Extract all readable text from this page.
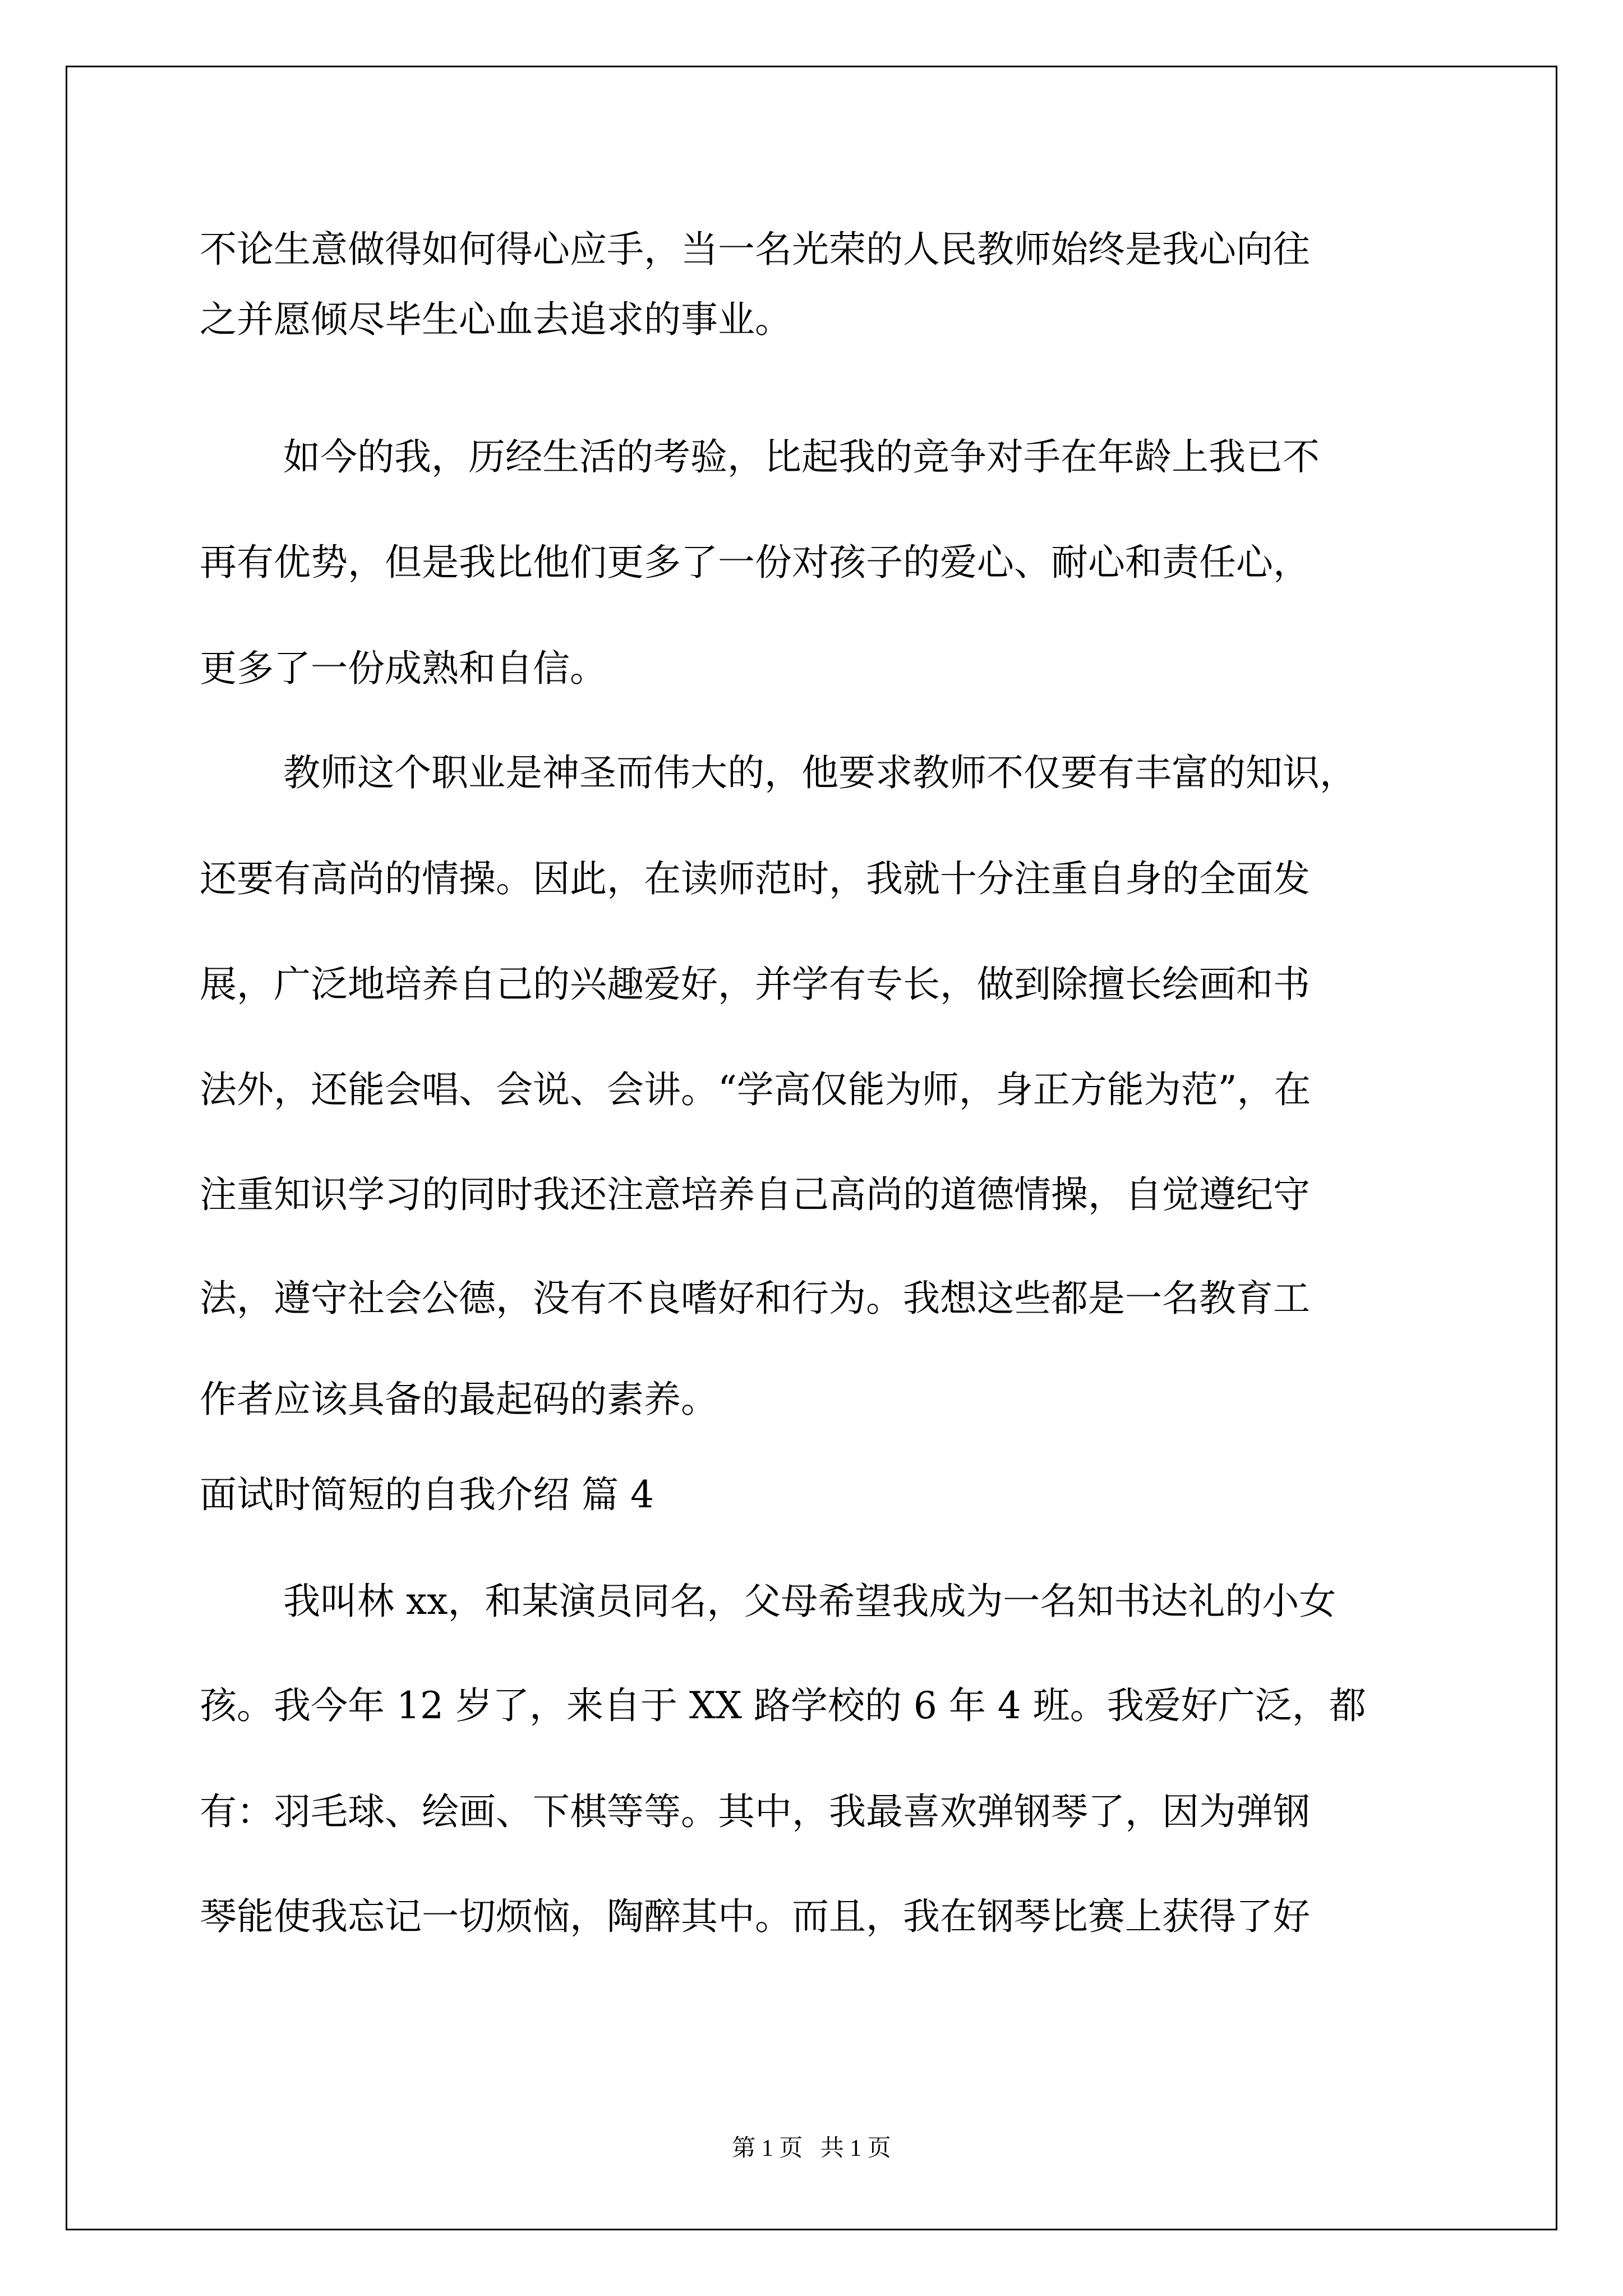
不论生意做得如何得心应手，当一名光荣的人民教师始终是我心向往

之并愿倾尽毕生心血去追求的事业。

如今的我，历经生活的考验，比起我的竞争对手在年龄上我已不

再有优势，但是我比他们更多了一份对孩子的爱心、耐心和责任心，

更多了一份成熟和自信。

教师这个职业是神圣而伟大的，他要求教师不仅要有丰富的知识，

还要有高尚的情操。因此，在读师范时，我就十分注重自身的全面发

展，广泛地培养自己的兴趣爱好，并学有专长，做到除擅长绘画和书

法外，还能会唱、会说、会讲。“学高仅能为师，身正方能为范”，在

注重知识学习的同时我还注意培养自己高尚的道德情操，自觉遵纪守

法，遵守社会公德，没有不良嗜好和行为。我想这些都是一名教育工

作者应该具备的最起码的素养。

面试时简短的自我介绍 篇 4

我叫林 xx，和某演员同名，父母希望我成为一名知书达礼的小女

孩。我今年 12 岁了，来自于 XX 路学校的 6 年 4 班。我爱好广泛，都

有：羽毛球、绘画、下棋等等。其中，我最喜欢弹钢琴了，因为弹钢

琴能使我忘记一切烦恼，陶醉其中。而且，我在钢琴比赛上获得了好

第 1 页   共 1 页
